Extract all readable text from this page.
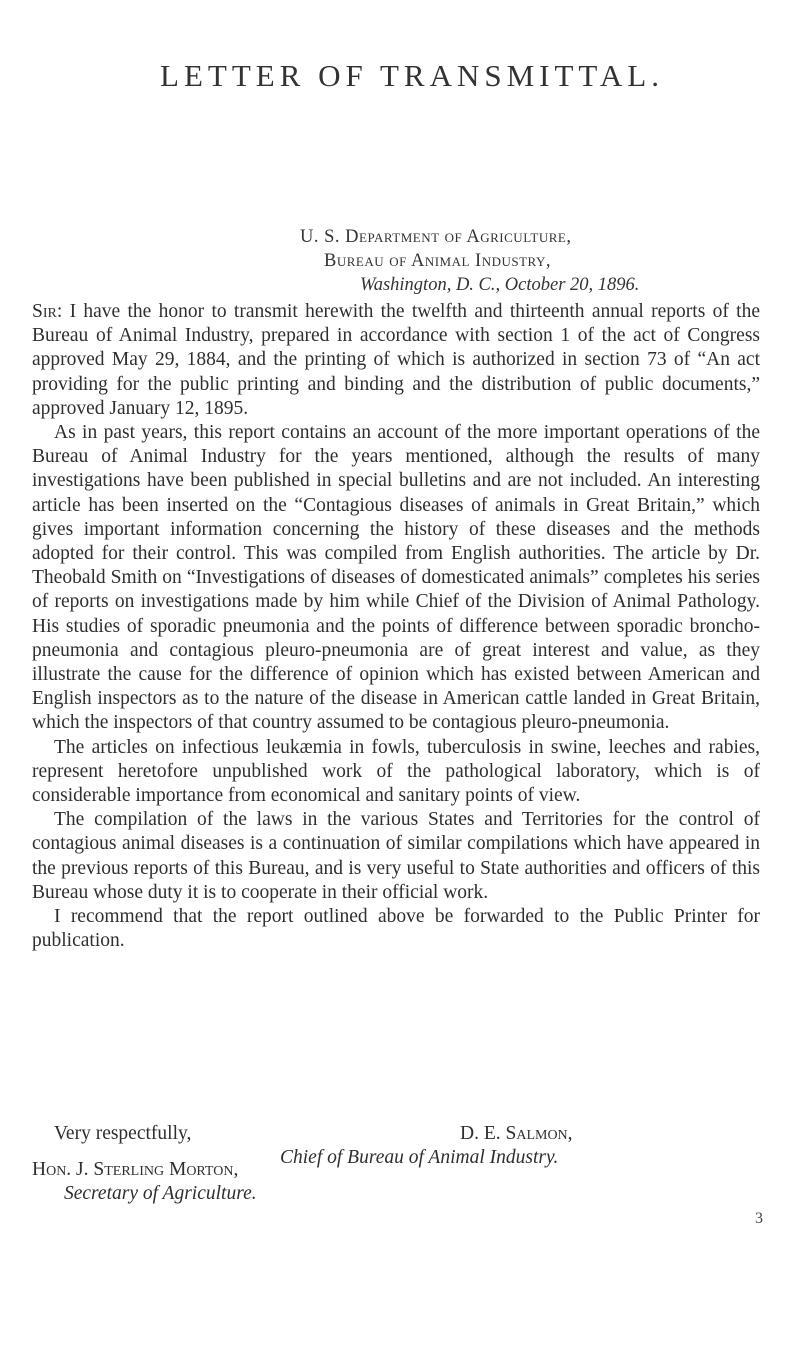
LETTER OF TRANSMITTAL.
U. S. Department of Agriculture,
Bureau of Animal Industry,
Washington, D. C., October 20, 1896.

Sir: I have the honor to transmit herewith the twelfth and thirteenth annual reports of the Bureau of Animal Industry, prepared in accordance with section 1 of the act of Congress approved May 29, 1884, and the printing of which is authorized in section 73 of “An act providing for the public printing and binding and the distribution of public documents,” approved January 12, 1895.

As in past years, this report contains an account of the more important operations of the Bureau of Animal Industry for the years mentioned, although the results of many investigations have been published in special bulletins and are not included. An interesting article has been inserted on the “Contagious diseases of animals in Great Britain,” which gives important information concerning the history of these diseases and the methods adopted for their control. This was compiled from English authorities. The article by Dr. Theobald Smith on “Investigations of diseases of domesticated animals” completes his series of reports on investigations made by him while Chief of the Division of Animal Pathology. His studies of sporadic pneumonia and the points of difference between sporadic broncho-pneumonia and contagious pleuro-pneumonia are of great interest and value, as they illustrate the cause for the difference of opinion which has existed between American and English inspectors as to the nature of the disease in American cattle landed in Great Britain, which the inspectors of that country assumed to be contagious pleuro-pneumonia.

The articles on infectious leukæmia in fowls, tuberculosis in swine, leeches and rabies, represent heretofore unpublished work of the pathological laboratory, which is of considerable importance from economical and sanitary points of view.

The compilation of the laws in the various States and Territories for the control of contagious animal diseases is a continuation of similar compilations which have appeared in the previous reports of this Bureau, and is very useful to State authorities and officers of this Bureau whose duty it is to cooperate in their official work.

I recommend that the report outlined above be forwarded to the Public Printer for publication.

Very respectfully,	D. E. Salmon,
Chief of Bureau of Animal Industry.
Hon. J. Sterling Morton,
Secretary of Agriculture.
3
